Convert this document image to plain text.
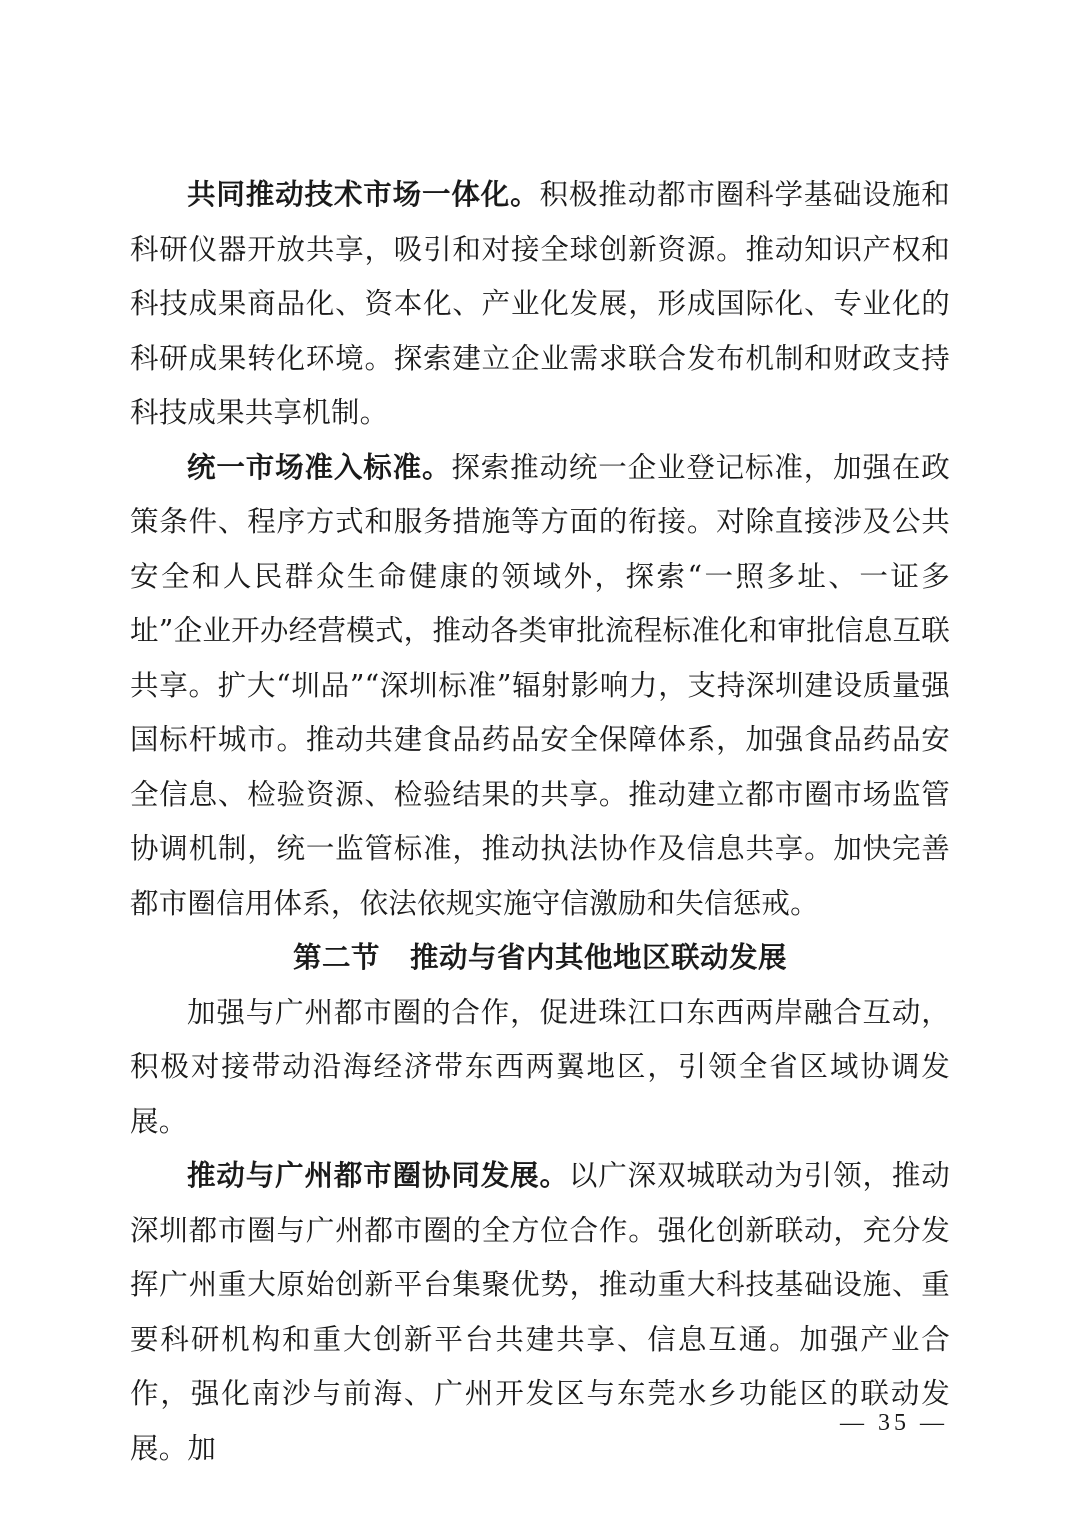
共同推动技术市场一体化。积极推动都市圈科学基础设施和科研仪器开放共享，吸引和对接全球创新资源。推动知识产权和科技成果商品化、资本化、产业化发展，形成国际化、专业化的科研成果转化环境。探索建立企业需求联合发布机制和财政支持科技成果共享机制。

统一市场准入标准。探索推动统一企业登记标准，加强在政策条件、程序方式和服务措施等方面的衔接。对除直接涉及公共安全和人民群众生命健康的领域外，探索“一照多址、一证多址”企业开办经营模式，推动各类审批流程标准化和审批信息互联共享。扩大“圳品”“深圳标准”辐射影响力，支持深圳建设质量强国标杆城市。推动共建食品药品安全保障体系，加强食品药品安全信息、检验资源、检验结果的共享。推动建立都市圈市场监管协调机制，统一监管标准，推动执法协作及信息共享。加快完善都市圈信用体系，依法依规实施守信激励和失信惩戒。

第二节 推动与省内其他地区联动发展

加强与广州都市圈的合作，促进珠江口东西两岸融合互动，积极对接带动沿海经济带东西两翼地区，引领全省区域协调发展。

推动与广州都市圈协同发展。以广深双城联动为引领，推动深圳都市圈与广州都市圈的全方位合作。强化创新联动，充分发挥广州重大原始创新平台集聚优势，推动重大科技基础设施、重要科研机构和重大创新平台共建共享、信息互通。加强产业合作，强化南沙与前海、广州开发区与东莞水乡功能区的联动发展。加

— 35 —
